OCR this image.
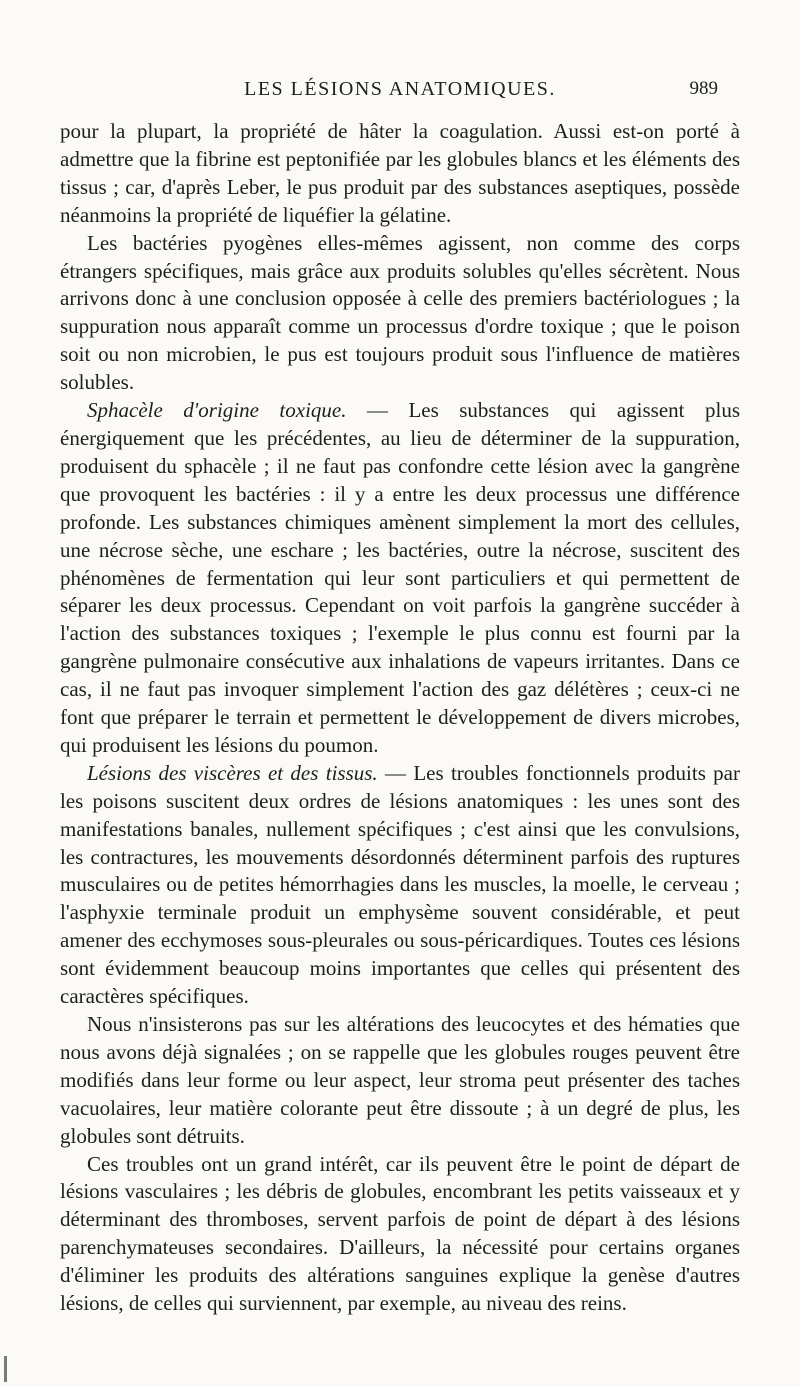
LES LÉSIONS ANATOMIQUES.	989

pour la plupart, la propriété de hâter la coagulation. Aussi est-on porté à admettre que la fibrine est peptonifiée par les globules blancs et les éléments des tissus ; car, d'après Leber, le pus produit par des substances aseptiques, possède néanmoins la propriété de liquéfier la gélatine.

Les bactéries pyogènes elles-mêmes agissent, non comme des corps étrangers spécifiques, mais grâce aux produits solubles qu'elles sécrètent. Nous arrivons donc à une conclusion opposée à celle des premiers bactériologues ; la suppuration nous apparaît comme un processus d'ordre toxique ; que le poison soit ou non microbien, le pus est toujours produit sous l'influence de matières solubles.

Sphacèle d'origine toxique. — Les substances qui agissent plus énergiquement que les précédentes, au lieu de déterminer de la suppuration, produisent du sphacèle ; il ne faut pas confondre cette lésion avec la gangrène que provoquent les bactéries : il y a entre les deux processus une différence profonde. Les substances chimiques amènent simplement la mort des cellules, une nécrose sèche, une eschare ; les bactéries, outre la nécrose, suscitent des phénomènes de fermentation qui leur sont particuliers et qui permettent de séparer les deux processus. Cependant on voit parfois la gangrène succéder à l'action des substances toxiques ; l'exemple le plus connu est fourni par la gangrène pulmonaire consécutive aux inhalations de vapeurs irritantes. Dans ce cas, il ne faut pas invoquer simplement l'action des gaz délétères ; ceux-ci ne font que préparer le terrain et permettent le développement de divers microbes, qui produisent les lésions du poumon.

Lésions des viscères et des tissus. — Les troubles fonctionnels produits par les poisons suscitent deux ordres de lésions anatomiques : les unes sont des manifestations banales, nullement spécifiques ; c'est ainsi que les convulsions, les contractures, les mouvements désordonnés déterminent parfois des ruptures musculaires ou de petites hémorrhagies dans les muscles, la moelle, le cerveau ; l'asphyxie terminale produit un emphysème souvent considérable, et peut amener des ecchymoses sous-pleurales ou sous-péricardiques. Toutes ces lésions sont évidemment beaucoup moins importantes que celles qui présentent des caractères spécifiques.

Nous n'insisterons pas sur les altérations des leucocytes et des hématies que nous avons déjà signalées ; on se rappelle que les globules rouges peuvent être modifiés dans leur forme ou leur aspect, leur stroma peut présenter des taches vacuolaires, leur matière colorante peut être dissoute ; à un degré de plus, les globules sont détruits.

Ces troubles ont un grand intérêt, car ils peuvent être le point de départ de lésions vasculaires ; les débris de globules, encombrant les petits vaisseaux et y déterminant des thromboses, servent parfois de point de départ à des lésions parenchymateuses secondaires. D'ailleurs, la nécessité pour certains organes d'éliminer les produits des altérations sanguines explique la genèse d'autres lésions, de celles qui surviennent, par exemple, au niveau des reins.
